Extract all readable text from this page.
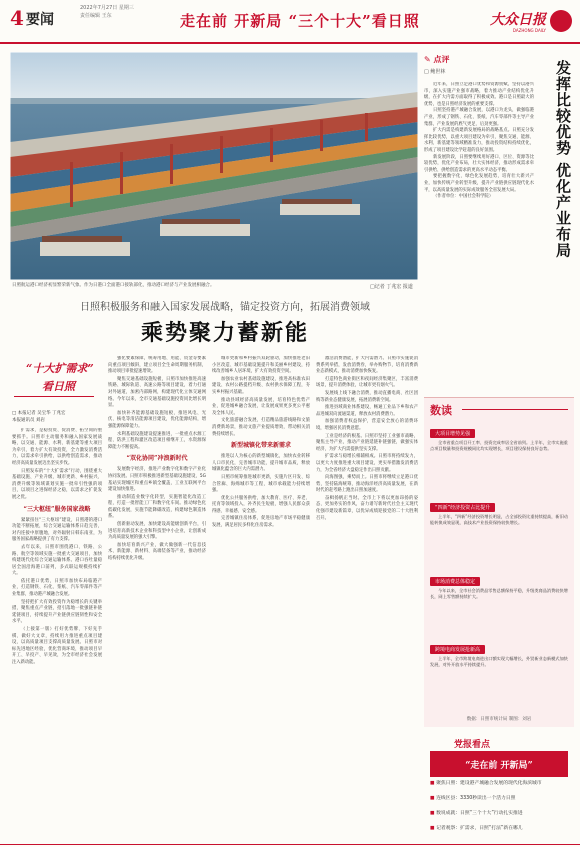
4 要闻
2022年7月27日 星期三
责任编辑 王东	走在前 开新局 “三个十大”看日照	大众日报
DAZHONG DAILY
日照航运港口经济初显繁荣新气象。作为日港口全面港口接轨部化，推动港口经济与产业发展相融合。	□记者 丁兆宏 报道
日照积极服务和融入国家发展战略，锚定投资方向，拓展消费领域
乘势聚力蓄新能
“十大扩需求”
看日照
□ 本报记者 吴宝华 丁兆宏
本报通讯员 刘岩

扩需求，是稳投资、促消费、拓空间的重要抓手。日照市主动服务和融入国家发展战略，以交通、能源、水利、新基建等重大项目为牵引，着力扩大有效投资，全力激发消费活力，以需求牵引供给，以供给创造需求，推动经济高质量发展迈出坚实步伐。

日照发布的“十大扩需求”行动，围绕重大基础设施、产业升级、城市更新、乡村振兴、消费升级等领域谋划实施一批牵引性强的项目，以项目之进保经济之稳，以需求之扩促发展之优。

“三大枢纽”服务国家战略

紧紧扭住“三大枢纽”建设，日照港的港口功能不断拓展，综合交通运输体系日趋完善，对内连接中原腹地，对外辐射日韩东南亚，为服务国家战略提供了有力支撑。

去年以来，日照市围绕港口、铁路、公路、航空等领域实施一批重大交通项目，加快构建现代化综合交通运输体系。港口吞吐量稳居全国沿海港口前列，多式联运规模持续扩大。

依托港口优势，日照市加快布局临港产业，打造钢铁、石化、浆纸、汽车零部件等产业集群，推动港产城融合发展。

坚持把扩大有效投资作为稳增长的关键举措，聚焦重点产业链，招引落地一批强链补链延链项目，持续提升产业链供应链韧性和安全水平。

（上接第一版）打好优势牌、下好先手棋、做好大文章，持续用力推进重点项目建设，以高质量项目支撑高质量发展。日照市对标先进地区经验，优化营商环境，推动项目早开工、早投产、早见效，为全市经济社会发展注入新动能。

强化要素保障，统筹用地、用能、资金等要素向重点项目倾斜，建立项目全生命周期服务机制，推动项目审批提速增效。

聚焦交通基础设施短板，日照市加快推进高速铁路、城际轨道、高速公路等项目建设，着力打通对外通道，加密内部路网，构建现代化立体交通网络。今年以来，全市交通基础设施投资同比增长明显。

加快补齐能源基础设施短板，推进风电、光伏、核电等清洁能源项目建设，优化能源结构，增强能源保障能力。

水利基础设施建设提速推进，一批重点水源工程、防洪工程和灌区改造项目相继开工，水资源保障能力不断提高。

“双化协同”冲浪新时代

发展数字经济，推进产业数字化和数字产业化协同发展。日照市积极推进新型基础设施建设，5G基站实现城区和重点乡镇全覆盖，工业互联网平台建设加快推进。

推动制造业数字化转型，实施智能化改造工程，打造一批智能工厂和数字化车间。推动绿色化低碳化发展，实施节能降碳改造，构建绿色制造体系。

创新驱动发展，加快建设高能级创新平台，引进培育高新技术企业和科技型中小企业，让创新成为高质量发展的强大引擎。

加快培育新兴产业，做大做强新一代信息技术、新能源、新材料、高端装备等产业，推动经济结构持续优化升级。

城市更新和乡村振兴双轮驱动，加快推进老旧小区改造、城市基础设施提升和美丽乡村建设，持续改善城乡人居环境，扩大有效投资空间。

加强农业农村基础设施建设，推进高标准农田建设、农村公路提档升级、农村供水保障工程，夯实乡村振兴基础。

推动县域经济高质量发展，培育特色优势产业，促进城乡融合发展，让发展成果更多更公平惠及全体人民。

文化旅游融合发展，打造精品旅游线路和文旅消费新场景，推动文旅产业提质增效，带动相关消费持续增长。

新型城镇化带来新需求

推进以人为核心的新型城镇化，加快农业转移人口市民化，完善城市功能，提升城市品质，释放城镇化蕴含的巨大内需潜力。

日照市统筹推进城市更新，实施片区开发、综合管廊、海绵城市等工程，城市承载能力持续增强。

优化公共服务供给，加大教育、医疗、养老、托育等领域投入，补齐民生短板，增强人民群众获得感、幸福感、安全感。

完善城镇住房体系，促进房地产市场平稳健康发展，满足居民多样化住房需求。

激活消费潜能，扩大内需潜力。日照市实施促消费系列举措，发放消费券，举办购物节，培育消费新业态新模式，推动消费加快恢复。

打造特色商业街区和夜间经济集聚区，丰富消费场景，提升消费体验，让城市更有烟火气。

发展线上线下融合消费，推动直播电商、社区团购等新业态健康发展，拓展消费新空间。

推进县域商业体系建设，畅通工业品下乡和农产品进城双向流通渠道，释放农村消费潜力。

加强消费者权益保护，营造安全放心的消费环境，增强居民消费意愿。

工业是经济的根基。日照市坚持工业强市战略，聚焦主导产业，推动产业链延链补链强链，做强实体经济，为扩大内需提供坚实支撑。

扩需求与稳增长相辅相成。日照市将持续发力，以更大力度推进重大项目建设，更实举措激发消费活力，为全省经济大盘稳定作出日照贡献。

向海图强，乘势而上。日照市将继续立足港口优势，坚持陆海统筹，推动海洋经济高质量发展，在新时代的赶考路上跑出日照加速度。

奋楫扬帆正当时。全市上下将以更加昂扬的姿态、更加务实的作风，奋力谱写新时代社会主义现代化强市建设新篇章，以优异成绩迎接党的二十大胜利召开。

✎ 点评
□ 鲍世林	发挥比较优势 优化产业布局

近年来，日照立足港口优势和资源禀赋，坚持以港兴市，深入实施产业强市战略，着力推动产业结构优化升级，在扩大内需方面取得了积极成效。港口是日照最大的优势，也是日照经济发展的重要支撑。

日照坚持港产城融合发展，以港口为龙头，做强临港产业，形成了钢铁、石化、浆纸、汽车零部件等主导产业集群，产业发展的底气更足、后劲更强。

扩大内需是构建新发展格局的战略基点。日照充分发挥比较优势，以重大项目建设为牵引，聚焦交通、能源、水利、新基建等领域精准发力，推动投资结构持续优化，形成了项目建设比学赶超的良好氛围。

新发展阶段，日照要继续用好港口、区位、资源等比较优势，优化产业布局，壮大实体经济，推动形成需求牵引供给、供给创造需求的更高水平动态平衡。

要把握数字化、绿色化发展趋势，培育壮大新兴产业，加快传统产业转型升级，提升产业链供应链现代化水平，以高质量发展的实际成效服务全省发展大局。

（作者单位：中国社会科学院）

数读
大项目增势见强

全市省重点项目开工率、投资完成率居全省前列。上半年，全市实施重点项目数量和投资规模同比均实现增长，项目建设保持良好态势。

“四新”经济投资占比提升

上半年，“四新”经济投资增长明显，占全部投资比重持续提高，新旧动能转换成效显现，高技术产业投资保持较快增长。

市场消费总体稳定

今年以来，全市社会消费品零售总额保持平稳，升级类商品消费较快增长，网上零售额持续扩大。

跨境电商发展抢新高

上半年，全市跨境电商进出口额实现大幅增长，外贸新业态新模式加快发展，对外开放水平持续提升。

数据：日照市统计局 制图：刘岩
党报看点
“走在前 开新局”
■ 聚焦日照：建设港产城融合发展的现代化海滨城市
■ 连线区县：3330秒读出一个活力日照
■ 数说成就：日照“三个十大”行动扎实推进
■ 记者观察：扩需求，日照“打法”新在哪儿
